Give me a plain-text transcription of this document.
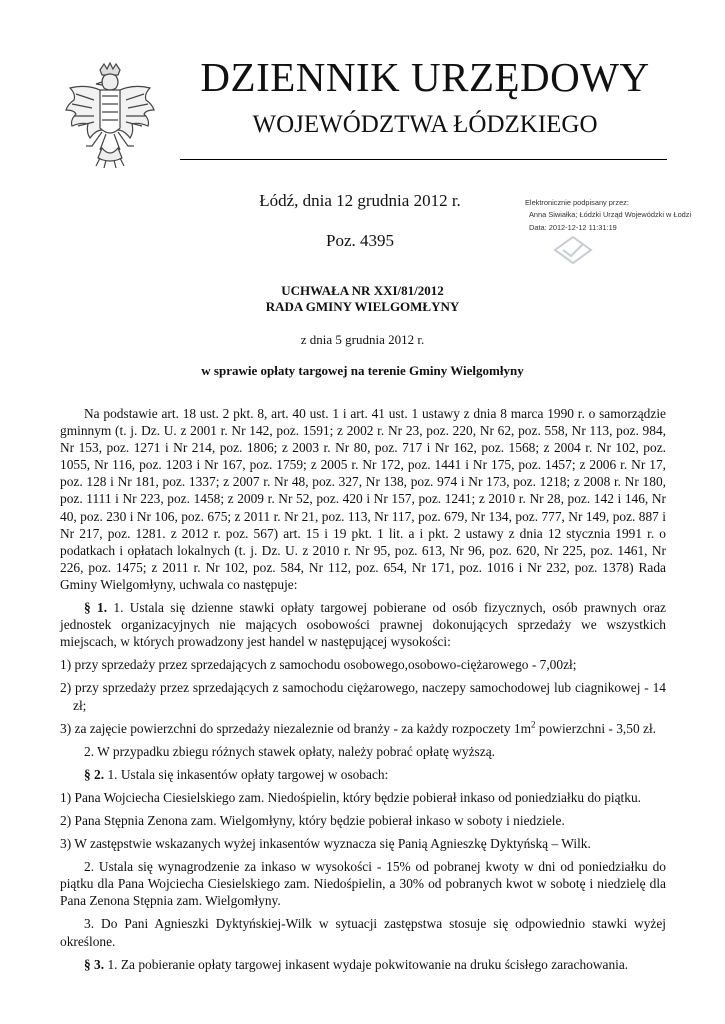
DZIENNIK URZĘDOWY
WOJEWÓDZTWA ŁÓDZKIEGO
Łódź, dnia 12 grudnia 2012 r.
Poz. 4395
Elektronicznie podpisany przez:
Anna Siwiałka; Łódzki Urząd Wojewódzki w Łodzi
Data: 2012-12-12 11:31:19
UCHWAŁA NR XXI/81/2012
RADA GMINY WIELGOMŁYNY
z dnia 5 grudnia 2012 r.
w sprawie opłaty targowej na terenie Gminy Wielgomłyny

Na podstawie art. 18 ust. 2 pkt. 8, art. 40 ust. 1 i art. 41 ust. 1 ustawy z dnia 8 marca 1990 r. o samorządzie gminnym (t. j. Dz. U. z 2001 r. Nr 142, poz. 1591; z 2002 r. Nr 23, poz. 220, Nr 62, poz. 558, Nr 113, poz. 984, Nr 153, poz. 1271 i Nr 214, poz. 1806; z 2003 r. Nr 80, poz. 717 i Nr 162, poz. 1568; z 2004 r. Nr 102, poz. 1055, Nr 116, poz. 1203 i Nr 167, poz. 1759; z 2005 r. Nr 172, poz. 1441 i Nr 175, poz. 1457; z 2006 r. Nr 17, poz. 128 i Nr 181, poz. 1337; z 2007 r. Nr 48, poz. 327, Nr 138, poz. 974 i Nr 173, poz. 1218; z 2008 r. Nr 180, poz. 1111 i Nr 223, poz. 1458; z 2009 r. Nr 52, poz. 420 i Nr 157, poz. 1241; z 2010 r. Nr 28, poz. 142 i 146, Nr 40, poz. 230 i Nr 106, poz. 675; z 2011 r. Nr 21, poz. 113, Nr 117, poz. 679, Nr 134, poz. 777, Nr 149, poz. 887 i Nr 217, poz. 1281. z 2012 r. poz. 567) art. 15 i 19 pkt. 1 lit. a i pkt. 2 ustawy z dnia 12 stycznia 1991 r. o podatkach i opłatach lokalnych (t. j. Dz. U. z 2010 r. Nr 95, poz. 613, Nr 96, poz. 620, Nr 225, poz. 1461, Nr 226, poz. 1475; z 2011 r. Nr 102, poz. 584, Nr 112, poz. 654, Nr 171, poz. 1016 i Nr 232, poz. 1378) Rada Gminy Wielgomłyny, uchwala co następuje:

§ 1. 1. Ustala się dzienne stawki opłaty targowej pobierane od osób fizycznych, osób prawnych oraz jednostek organizacyjnych nie mających osobowości prawnej dokonujących sprzedaży we wszystkich miejscach, w których prowadzony jest handel w następującej wysokości:

1) przy sprzedaży przez sprzedających z samochodu osobowego,osobowo-ciężarowego - 7,00zł;

2) przy sprzedaży przez sprzedających z samochodu ciężarowego, naczepy samochodowej lub ciagnikowej - 14 zł;

3) za zajęcie powierzchni do sprzedaży niezaleznie od branży - za każdy rozpoczety $1m^2$ powierzchni - 3,50 zł.

2. W przypadku zbiegu różnych stawek opłaty, należy pobrać opłatę wyższą.

§ 2. 1. Ustala się inkasentów opłaty targowej w osobach:

1) Pana Wojciecha Ciesielskiego zam. Niedośpielin, który będzie pobierał inkaso od poniedziałku do piątku.

2) Pana Stępnia Zenona zam. Wielgomłyny, który będzie pobierał inkaso w soboty i niedziele.

3) W zastępstwie wskazanych wyżej inkasentów wyznacza się Panią Agnieszkę Dyktyńską – Wilk.

2. Ustala się wynagrodzenie za inkaso w wysokości - 15% od pobranej kwoty w dni od poniedziałku do piątku dla Pana Wojciecha Ciesielskiego zam. Niedośpielin, a 30% od pobranych kwot w sobotę i niedzielę dla Pana Zenona Stępnia zam. Wielgomłyny.

3. Do Pani Agnieszki Dyktyńskiej-Wilk w sytuacji zastępstwa stosuje się odpowiednio stawki wyżej określone.

§ 3. 1. Za pobieranie opłaty targowej inkasent wydaje pokwitowanie na druku ścisłego zarachowania.
